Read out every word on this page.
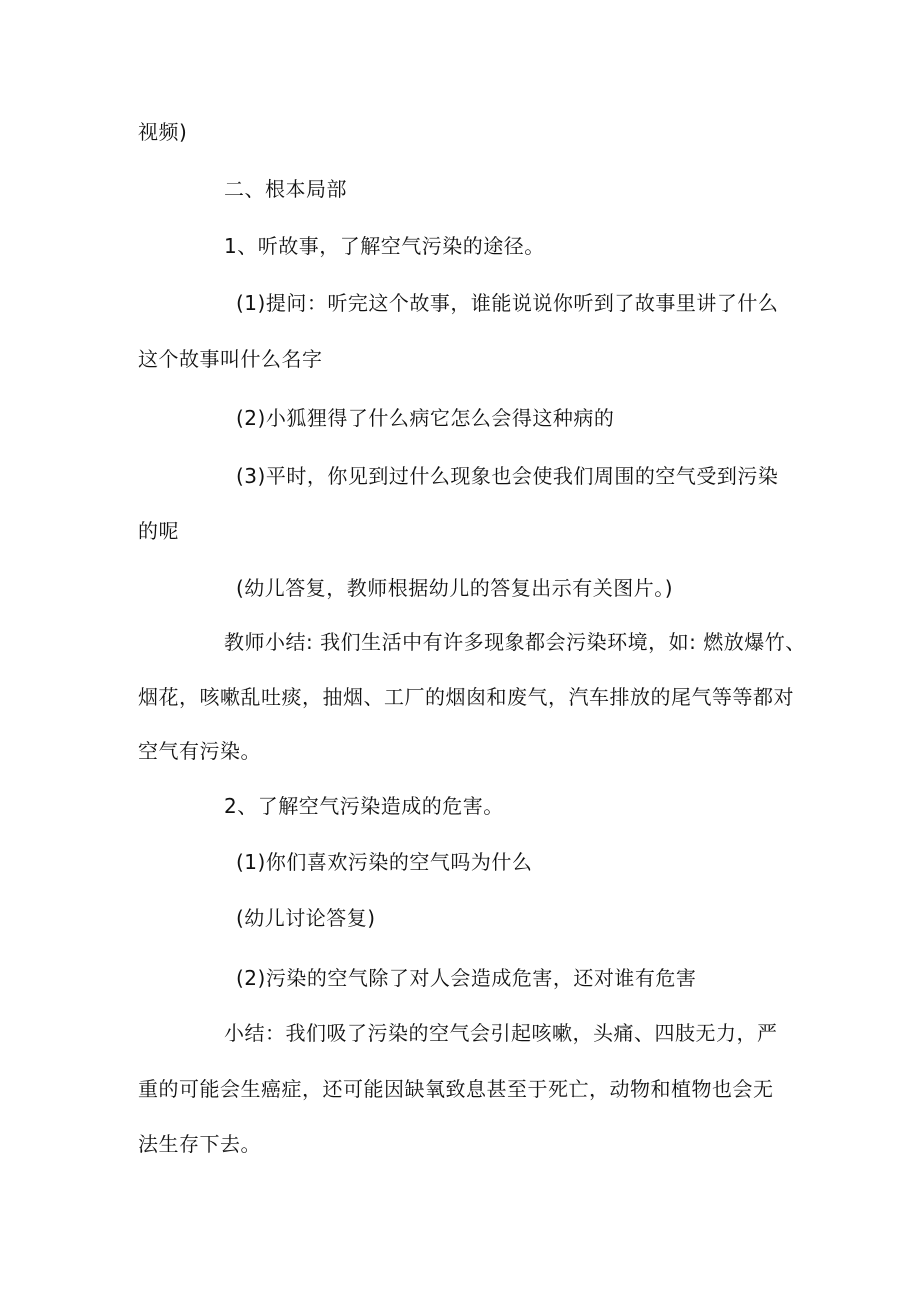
视频)
二、根本局部
1、听故事，了解空气污染的途径。
(1)提问：听完这个故事，谁能说说你听到了故事里讲了什么
这个故事叫什么名字
(2)小狐狸得了什么病它怎么会得这种病的
(3)平时，你见到过什么现象也会使我们周围的空气受到污染
的呢
(幼儿答复，教师根据幼儿的答复出示有关图片。)
教师小结: 我们生活中有许多现象都会污染环境，如: 燃放爆竹、
烟花，咳嗽乱吐痰，抽烟、工厂的烟囱和废气，汽车排放的尾气等等都对
空气有污染。
2、了解空气污染造成的危害。
(1)你们喜欢污染的空气吗为什么
(幼儿讨论答复)
(2)污染的空气除了对人会造成危害，还对谁有危害
小结：我们吸了污染的空气会引起咳嗽，头痛、四肢无力，严
重的可能会生癌症，还可能因缺氧致息甚至于死亡，动物和植物也会无
法生存下去。
